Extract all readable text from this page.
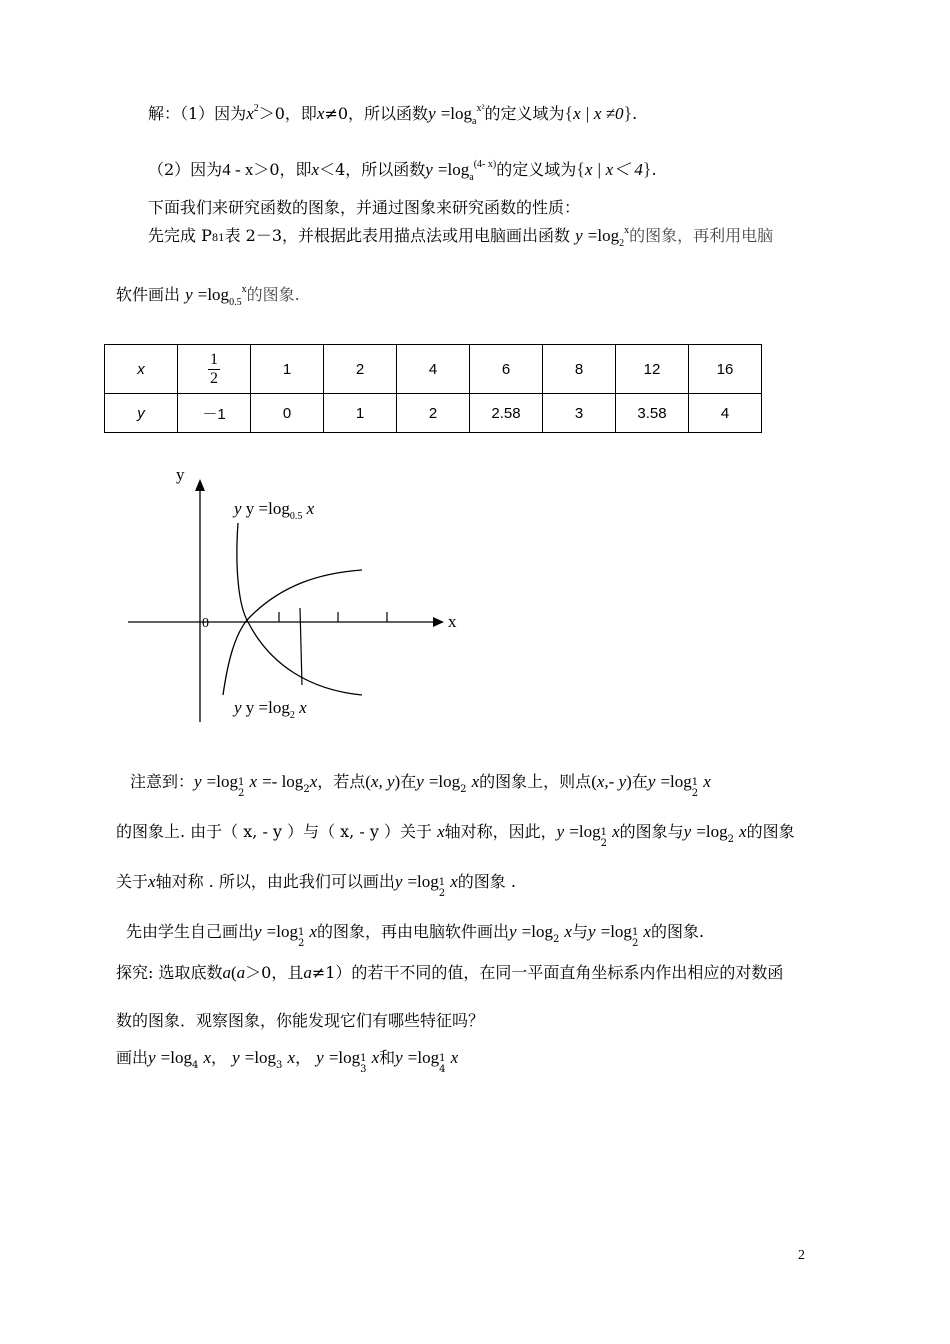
解：（1）因为$x^2>0$，即x≠0，所以函数$y =\log_a^{x^2}$的定义域为{x | x ≠0}.
（2）因为4 - x＞0，即x＜4，所以函数$y =\log_a^{(4- x)}$的定义域为{x | x＜ 4}.
下面我们来研究函数的图象，并通过图象来研究函数的性质：
先完成 P81表 2－3，并根据此表用描点法或用电脑画出函数 $y =\log_2^x$的图象，再利用电脑
软件画出 $y =\log_{0.5}^x$的图象.
x	$\frac{1}{2}$	1	2	4	6	8	12	16
y	－1	0	1	2	2.58	3	3.58	4
y
x
0
y $y =\log_{0.5}$ x
y $y =\log_2$ x
注意到：y =log1
2 $x =- \log_2x$，若点(x, y)在$y =\log_2$ x的图象上，则点(x,- y)在y =log1
2 x
的图象上. 由于（ x, - y ）与（ x, - y ）关于 x轴对称，因此，y =log1
2 x的图象与$y =\log_2$ x的图象
关于x轴对称 . 所以，由此我们可以画出y =log1
2 x的图象 .
先由学生自己画出y =log1
2 x的图象，再由电脑软件画出$y =\log_2$ x与y =log1
2 x的图象.
探究: 选取底数a(a＞0，且a≠1）的若干不同的值，在同一平面直角坐标系内作出相应的对数函
数的图象．观察图象，你能发现它们有哪些特征吗？
画出$y =\log_4$ x， $y =\log_3$ x， y =log1
3 x和y =log1
4 x
2
